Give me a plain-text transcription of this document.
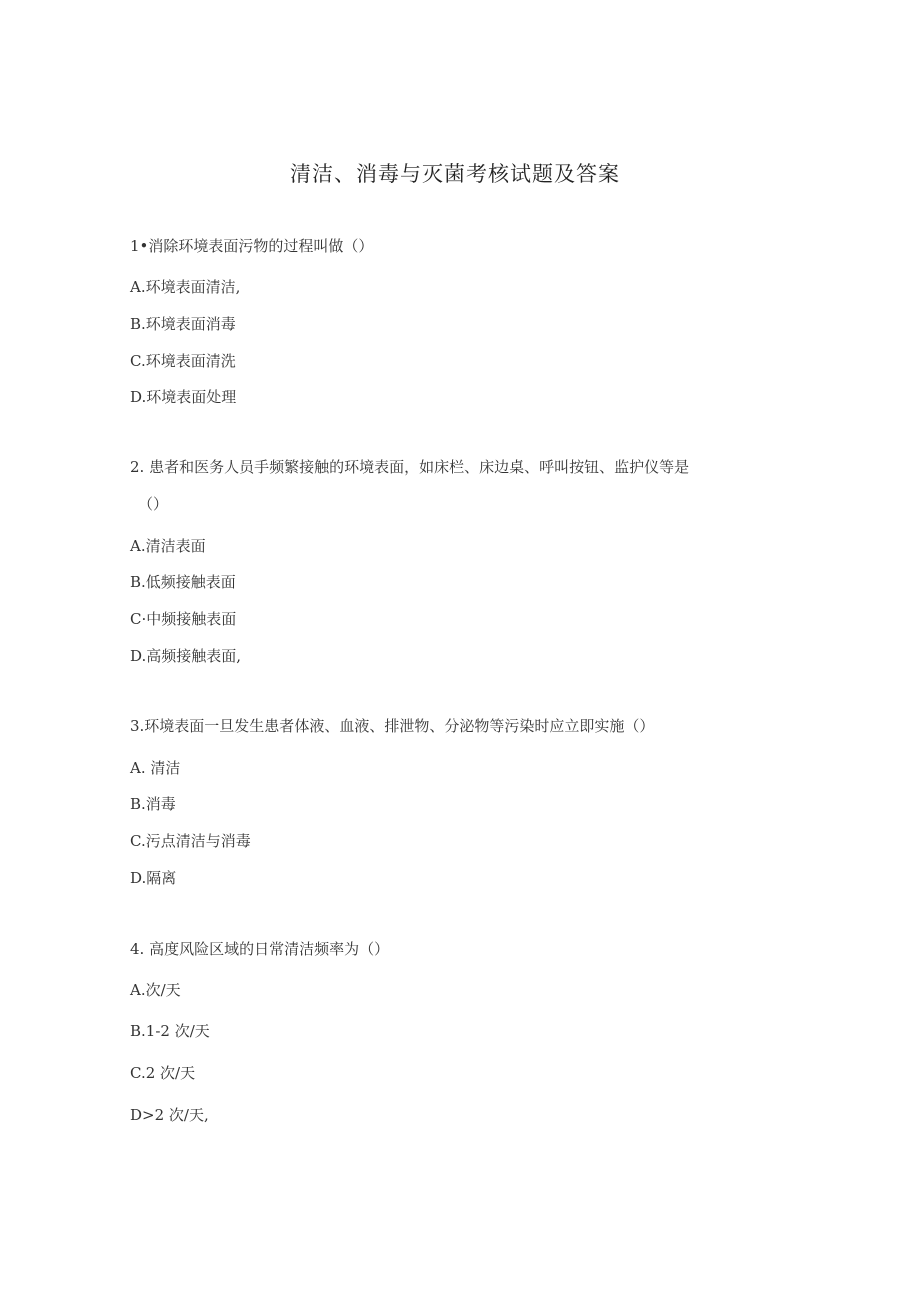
清洁、消毒与灭菌考核试题及答案
1•消除环境表面污物的过程叫做（）
A.环境表面清洁,
B.环境表面消毒
C.环境表面清洗
D.环境表面处理
2. 患者和医务人员手频繁接触的环境表面，如床栏、床边桌、呼叫按钮、监护仪等是
（）
A.清洁表面
B.低频接触表面
C·中频接触表面
D.高频接触表面,
3.环境表面一旦发生患者体液、血液、排泄物、分泌物等污染时应立即实施（）
A. 清洁
B.消毒
C.污点清洁与消毒
D.隔离
4. 高度风险区域的日常清洁频率为（）
A.次/天
B.1-2 次/天
C.2 次/天
D>2 次/天,
